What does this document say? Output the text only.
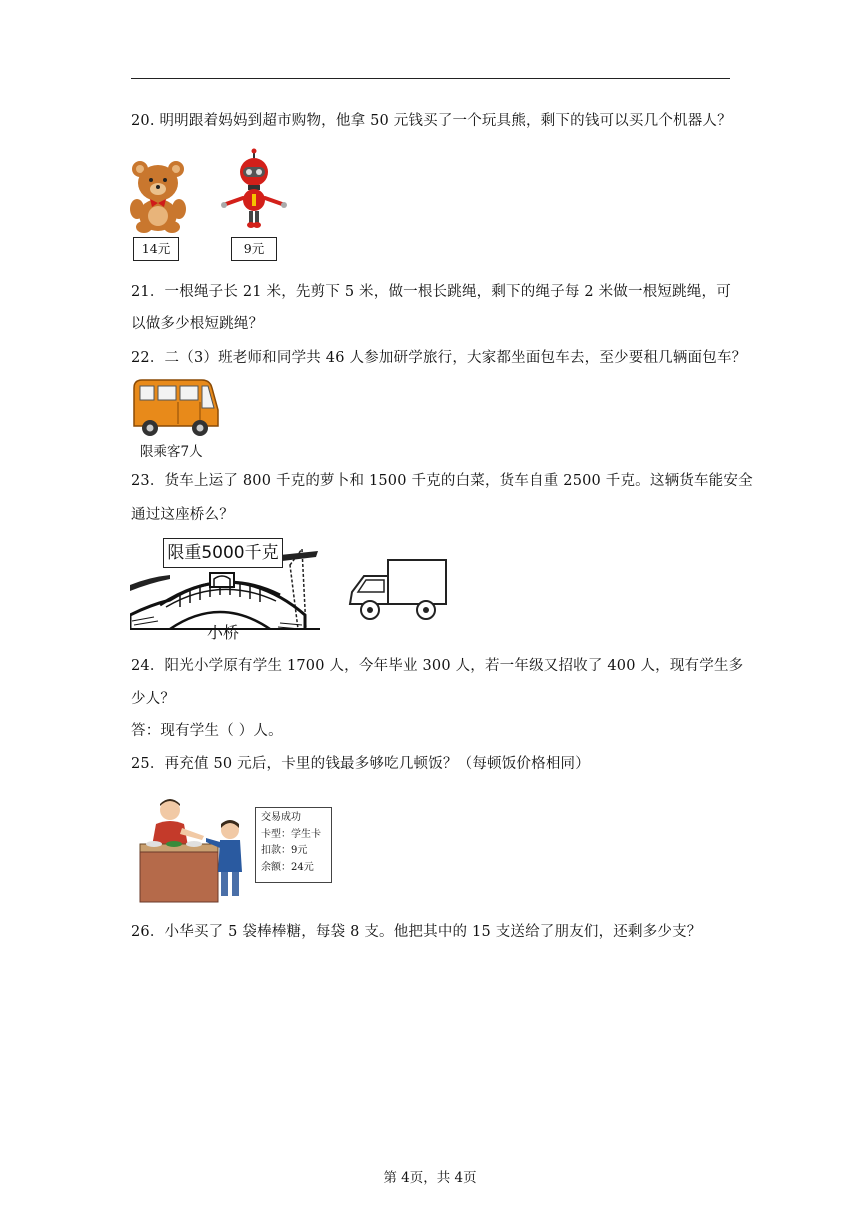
20. 明明跟着妈妈到超市购物，他拿 50 元钱买了一个玩具熊，剩下的钱可以买几个机器人？
14元	9元
21．一根绳子长 21 米，先剪下 5 米，做一根长跳绳，剩下的绳子每 2 米做一根短跳绳，可
以做多少根短跳绳？
22．二（3）班老师和同学共 46 人参加研学旅行，大家都坐面包车去，至少要租几辆面包车？
限乘客7人
23．货车上运了 800 千克的萝卜和 1500 千克的白菜，货车自重 2500 千克。这辆货车能安全
通过这座桥么？
限重5000千克
小桥
24．阳光小学原有学生 1700 人，今年毕业 300 人，若一年级又招收了 400 人，现有学生多
少人？
答：现有学生（ ）人。
25．再充值 50 元后，卡里的钱最多够吃几顿饭？（每顿饭价格相同）
交易成功
卡型：学生卡
扣款：9元
余额：24元
26．小华买了 5 袋棒棒糖，每袋 8 支。他把其中的 15 支送给了朋友们，还剩多少支？
第 4页，共 4页
